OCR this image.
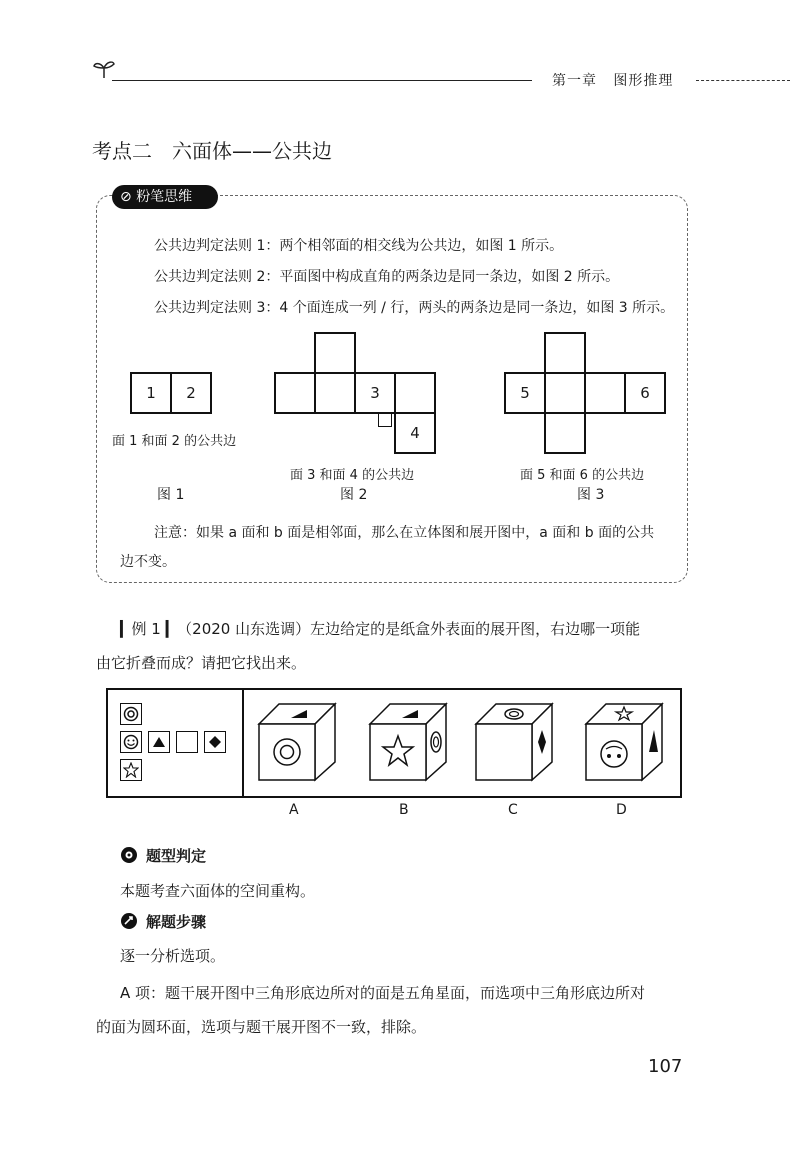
第一章 图形推理
考点二　六面体——公共边
⊘ 粉笔思维
公共边判定法则 1：两个相邻面的相交线为公共边，如图 1 所示。
公共边判定法则 2：平面图中构成直角的两条边是同一条边，如图 2 所示。
公共边判定法则 3：4 个面连成一列 / 行，两头的两条边是同一条边，如图 3 所示。
1	2
面 1 和面 2 的公共边
图 1
3
4
面 3 和面 4 的公共边
图 2
5	6
面 5 和面 6 的公共边
图 3
注意：如果 a 面和 b 面是相邻面，那么在立体图和展开图中，a 面和 b 面的公共
边不变。
▎例 1 ▎（2020 山东选调）左边给定的是纸盒外表面的展开图，右边哪一项能
由它折叠而成？请把它找出来。
A	B	C	D
题型判定
本题考查六面体的空间重构。
解题步骤
逐一分析选项。
A 项：题干展开图中三角形底边所对的面是五角星面，而选项中三角形底边所对
的面为圆环面，选项与题干展开图不一致，排除。
107
